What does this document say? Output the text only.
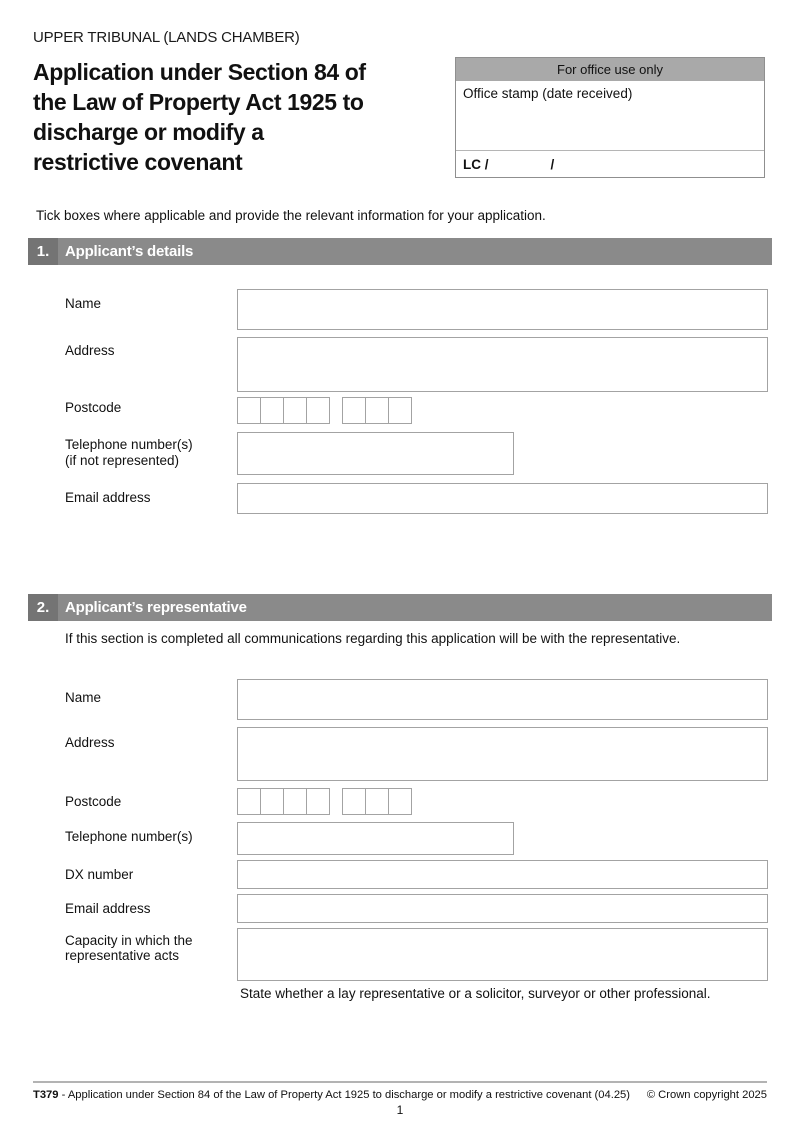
UPPER TRIBUNAL (LANDS CHAMBER)
Application under Section 84 of
the Law of Property Act 1925 to
discharge or modify a
restrictive covenant
For office use only
Office stamp (date received)
LC /	/
Tick boxes where applicable and provide the relevant information for your application.
1.	Applicant’s details
Name
Address
Postcode
Telephone number(s)
(if not represented)
Email address
2.	Applicant’s representative
If this section is completed all communications regarding this application will be with the representative.
Name
Address
Postcode
Telephone number(s)
DX number
Email address
Capacity in which the
representative acts
State whether a lay representative or a solicitor, surveyor or other professional.
T379 - Application under Section 84 of the Law of Property Act 1925 to discharge or modify a restrictive covenant (04.25) © Crown copyright 2025
1
